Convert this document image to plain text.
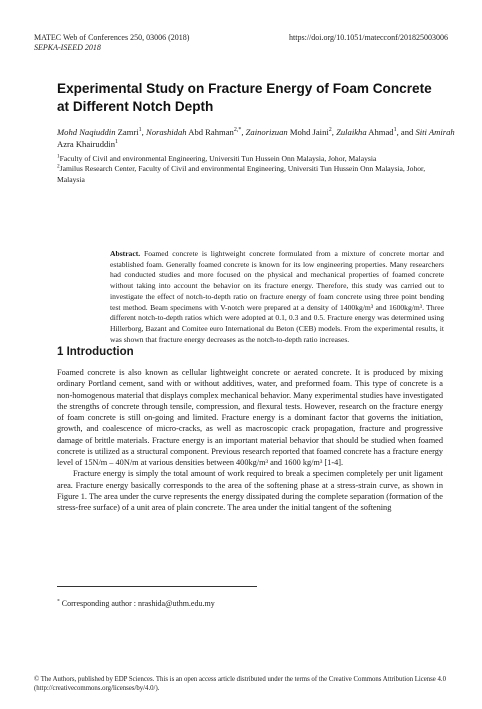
MATEC Web of Conferences 250, 03006 (2018)
SEPKA-ISEED 2018
https://doi.org/10.1051/matecconf/201825003006
Experimental Study on Fracture Energy of Foam Concrete at Different Notch Depth
Mohd Naqiuddin Zamri$^1$, Norashidah Abd Rahman$^{2,*}$, Zainorizuan Mohd Jaini$^2$, Zulaikha Ahmad$^1$, and Siti Amirah Azra Khairuddin$^1$

$^1$Faculty of Civil and environmental Engineering, Universiti Tun Hussein Onn Malaysia, Johor, Malaysia

$^2$Jamilus Research Center, Faculty of Civil and environmental Engineering, Universiti Tun Hussein Onn Malaysia, Johor, Malaysia

Abstract. Foamed concrete is lightweight concrete formulated from a mixture of concrete mortar and established foam. Generally foamed concrete is known for its low engineering properties. Many researchers had conducted studies and more focused on the physical and mechanical properties of foamed concrete without taking into account the behavior on its fracture energy. Therefore, this study was carried out to investigate the effect of notch-to-depth ratio on fracture energy of foam concrete using three point bending test method. Beam specimens with V-notch were prepared at a density of 1400kg/m³ and 1600kg/m³. Three different notch-to-depth ratios which were adopted at 0.1, 0.3 and 0.5. Fracture energy was determined using Hillerborg, Bazant and Comitee euro International du Beton (CEB) models. From the experimental results, it was shown that fracture energy decreases as the notch-to-depth ratio increases.
1 Introduction

Foamed concrete is also known as cellular lightweight concrete or aerated concrete. It is produced by mixing ordinary Portland cement, sand with or without additives, water, and preformed foam. This type of concrete is a non-homogenous material that displays complex mechanical behavior. Many experimental studies have investigated the strengths of concrete through tensile, compression, and flexural tests. However, research on the fracture energy of foam concrete is still on-going and limited. Fracture energy is a dominant factor that governs the initiation, growth, and coalescence of micro-cracks, as well as macroscopic crack propagation, fracture and progressive damage of brittle materials. Fracture energy is an important material behavior that should be studied when foamed concrete is utilized as a structural component. Previous research reported that foamed concrete has a fracture energy level of 15N/m – 40N/m at various densities between 400kg/m³ and 1600 kg/m³ [1-4].

Fracture energy is simply the total amount of work required to break a specimen completely per unit ligament area. Fracture energy basically corresponds to the area of the softening phase at a stress-strain curve, as shown in Figure 1. The area under the curve represents the energy dissipated during the complete separation (formation of the stress-free surface) of a unit area of plain concrete. The area under the initial tangent of the softening

* Corresponding author : nrashida@uthm.edu.my
© The Authors, published by EDP Sciences. This is an open access article distributed under the terms of the Creative Commons Attribution License 4.0 (http://creativecommons.org/licenses/by/4.0/).
